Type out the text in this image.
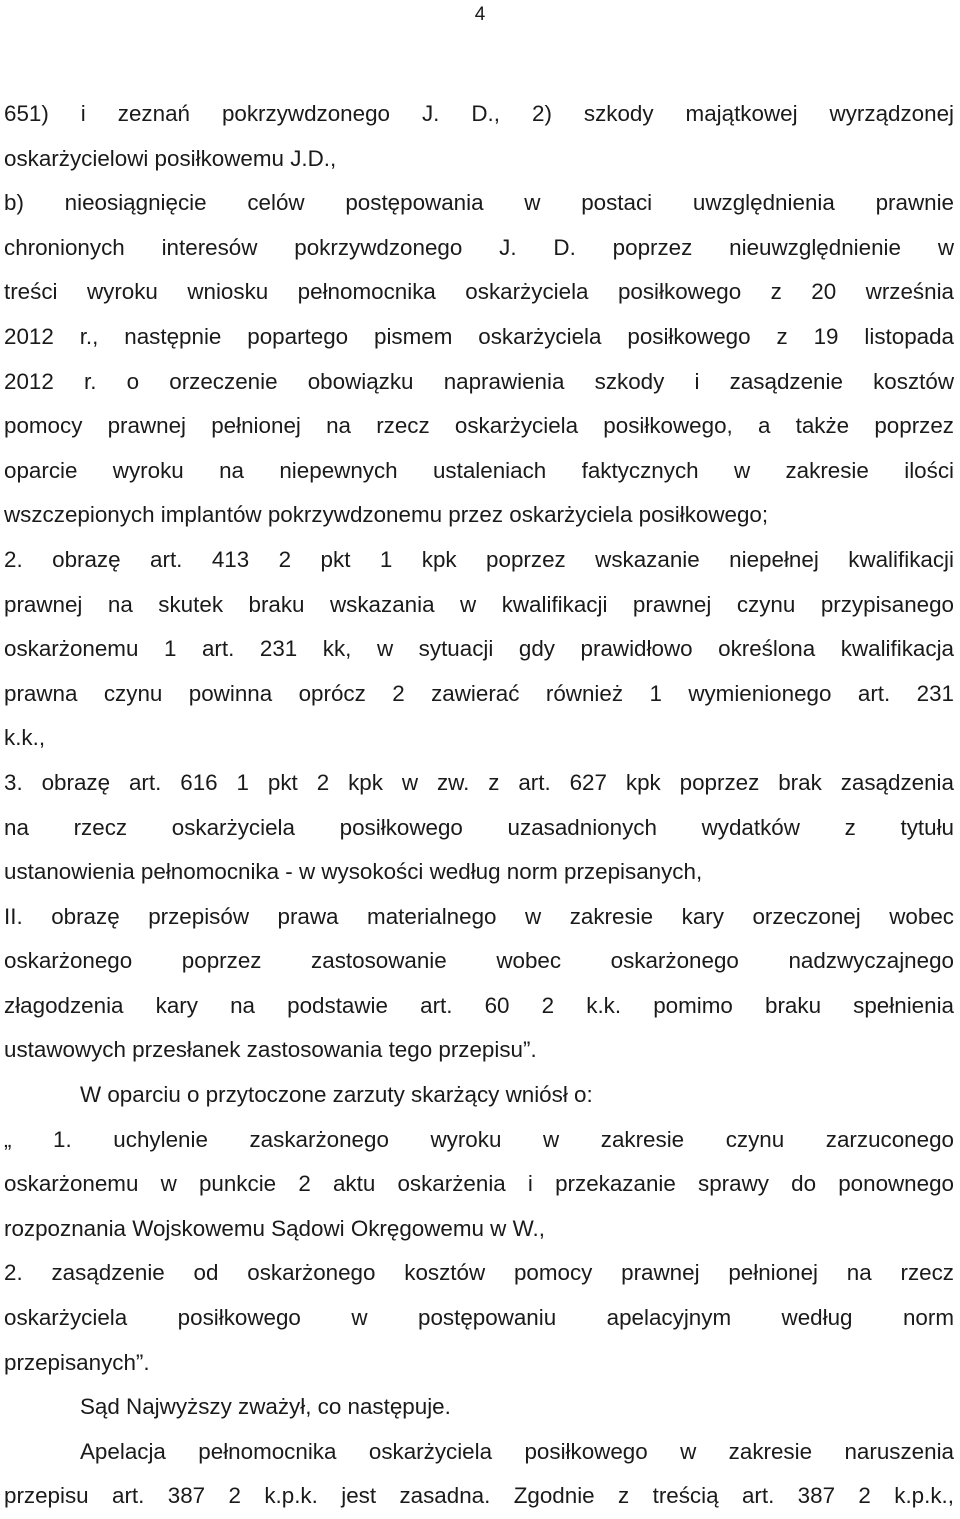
4
651) i zeznań pokrzywdzonego J. D., 2) szkody majątkowej wyrządzonej
oskarżycielowi posiłkowemu J.D.,
b) nieosiągnięcie celów postępowania w postaci uwzględnienia prawnie
chronionych interesów pokrzywdzonego J. D. poprzez nieuwzględnienie w
treści wyroku wniosku pełnomocnika oskarżyciela posiłkowego z 20 września
2012 r., następnie popartego pismem oskarżyciela posiłkowego z 19 listopada
2012 r. o orzeczenie obowiązku naprawienia szkody i zasądzenie kosztów
pomocy prawnej pełnionej na rzecz oskarżyciela posiłkowego, a także poprzez
oparcie wyroku na niepewnych ustaleniach faktycznych w zakresie ilości
wszczepionych implantów pokrzywdzonemu przez oskarżyciela posiłkowego;
2. obrazę art. 413 2 pkt 1 kpk poprzez wskazanie niepełnej kwalifikacji
prawnej na skutek braku wskazania w kwalifikacji prawnej czynu przypisanego
oskarżonemu 1 art. 231 kk, w sytuacji gdy prawidłowo określona kwalifikacja
prawna czynu powinna oprócz 2 zawierać również 1 wymienionego art. 231
k.k.,
3. obrazę art. 616 1 pkt 2 kpk w zw. z art. 627 kpk poprzez brak zasądzenia
na rzecz oskarżyciela posiłkowego uzasadnionych wydatków z tytułu
ustanowienia pełnomocnika - w wysokości według norm przepisanych,
II. obrazę przepisów prawa materialnego w zakresie kary orzeczonej wobec
oskarżonego poprzez zastosowanie wobec oskarżonego nadzwyczajnego
złagodzenia kary na podstawie art. 60 2 k.k. pomimo braku spełnienia
ustawowych przesłanek zastosowania tego przepisu”.
W oparciu o przytoczone zarzuty skarżący wniósł o:
„ 1. uchylenie zaskarżonego wyroku w zakresie czynu zarzuconego
oskarżonemu w punkcie 2 aktu oskarżenia i przekazanie sprawy do ponownego
rozpoznania Wojskowemu Sądowi Okręgowemu w W.,
2. zasądzenie od oskarżonego kosztów pomocy prawnej pełnionej na rzecz
oskarżyciela posiłkowego w postępowaniu apelacyjnym według norm
przepisanych”.
Sąd Najwyższy zważył, co następuje.
Apelacja pełnomocnika oskarżyciela posiłkowego w zakresie naruszenia
przepisu art. 387 2 k.p.k. jest zasadna. Zgodnie z treścią art. 387 2 k.p.k.,
